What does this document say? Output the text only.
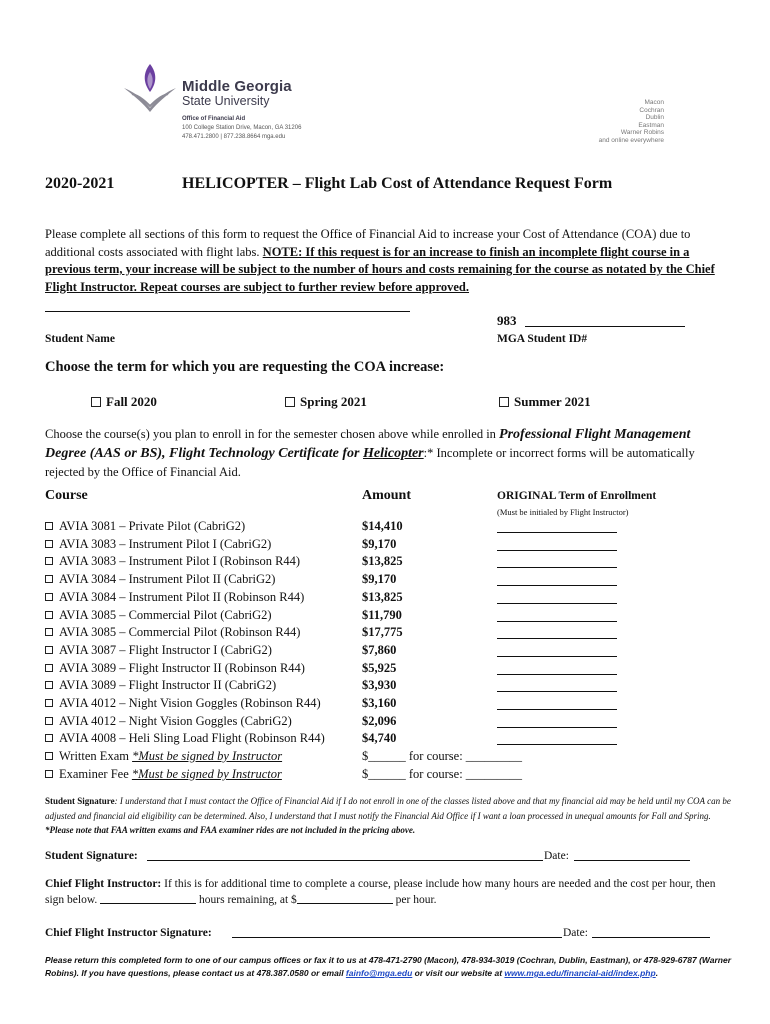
Middle Georgia
State University
Office of Financial Aid
100 College Station Drive, Macon, GA 31206
478.471.2800 | 877.238.8664 mga.edu
Macon
Cochran
Dublin
Eastman
Warner Robins
and online everywhere
2020-2021	HELICOPTER – Flight Lab Cost of Attendance Request Form
Please complete all sections of this form to request the Office of Financial Aid to increase your Cost of Attendance (COA) due to additional costs associated with flight labs. NOTE: If this request is for an increase to finish an incomplete flight course in a previous term, your increase will be subject to the number of hours and costs remaining for the course as notated by the Chief Flight Instructor. Repeat courses are subject to further review before approved.
983
Student Name	MGA Student ID#
Choose the term for which you are requesting the COA increase:
Fall 2020	Spring 2021	Summer 2021
Choose the course(s) you plan to enroll in for the semester chosen above while enrolled in Professional Flight Management Degree (AAS or BS), Flight Technology Certificate for Helicopter:* Incomplete or incorrect forms will be automatically rejected by the Office of Financial Aid.
Course	Amount	ORIGINAL Term of Enrollment
(Must be initialed by Flight Instructor)
AVIA 3081 – Private Pilot (CabriG2)	$14,410
AVIA 3083 – Instrument Pilot I (CabriG2)	$9,170
AVIA 3083 – Instrument Pilot I (Robinson R44)	$13,825
AVIA 3084 – Instrument Pilot II (CabriG2)	$9,170
AVIA 3084 – Instrument Pilot II (Robinson R44)	$13,825
AVIA 3085 – Commercial Pilot (CabriG2)	$11,790
AVIA 3085 – Commercial Pilot (Robinson R44)	$17,775
AVIA 3087 – Flight Instructor I (CabriG2)	$7,860
AVIA 3089 – Flight Instructor II (Robinson R44)	$5,925
AVIA 3089 – Flight Instructor II (CabriG2)	$3,930
AVIA 4012 – Night Vision Goggles (Robinson R44)	$3,160
AVIA 4012 – Night Vision Goggles (CabriG2)	$2,096
AVIA 4008 – Heli Sling Load Flight (Robinson R44)	$4,740
Written Exam *Must be signed by Instructor	$______ for course: _________
Examiner Fee *Must be signed by Instructor	$______ for course: _________
Student Signature: I understand that I must contact the Office of Financial Aid if I do not enroll in one of the classes listed above and that my financial aid may be held until my COA can be adjusted and financial aid eligibility can be determined. Also, I understand that I must notify the Financial Aid Office if I want a loan processed in unequal amounts for Fall and Spring. *Please note that FAA written exams and FAA examiner rides are not included in the pricing above.
Student Signature:	Date:
Chief Flight Instructor: If this is for additional time to complete a course, please include how many hours are needed and the cost per hour, then sign below.	hours remaining, at $	per hour.
Chief Flight Instructor Signature:	Date:
Please return this completed form to one of our campus offices or fax it to us at 478-471-2790 (Macon), 478-934-3019 (Cochran, Dublin, Eastman), or 478-929-6787 (Warner Robins). If you have questions, please contact us at 478.387.0580 or email fainfo@mga.edu or visit our website at www.mga.edu/financial-aid/index.php.
